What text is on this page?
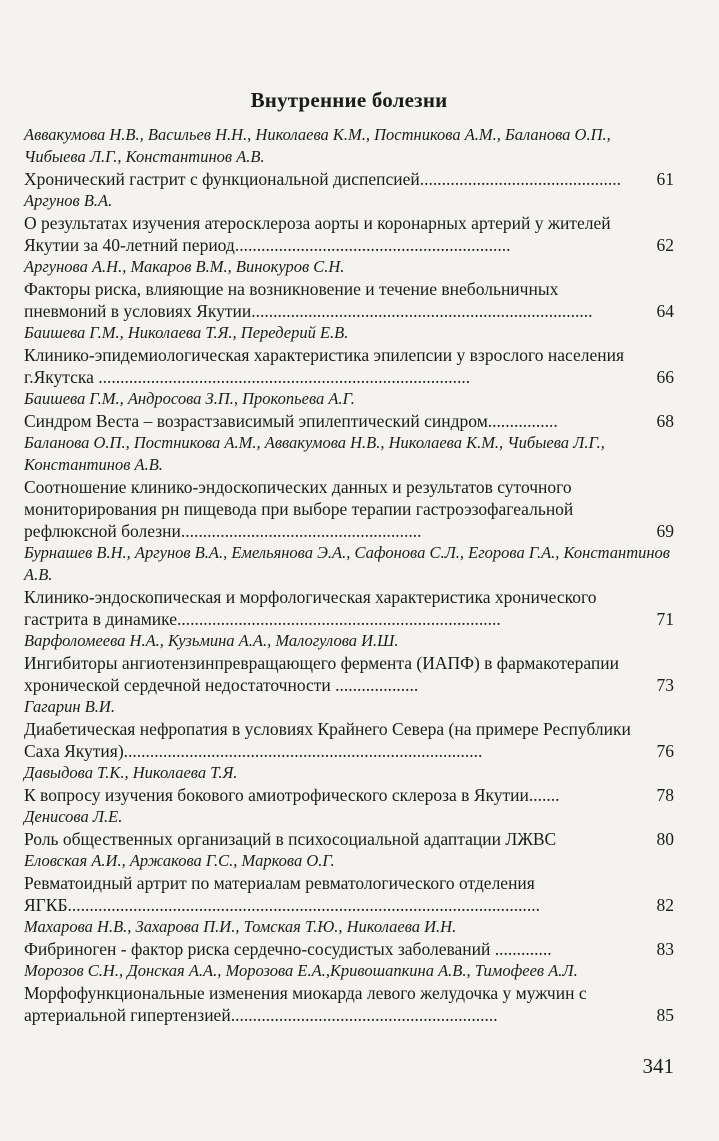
Внутренние болезни
Аввакумова Н.В., Васильев Н.Н., Николаева К.М., Постникова А.М., Баланова О.П., Чибыева Л.Г., Константинов А.В.
Хронический гастрит с функциональной диспепсией..............................................	61
Аргунов В.А.
О результатах изучения атеросклероза аорты и коронарных артерий у жителей Якутии за 40-летний период...............................................................	62
Аргунова А.Н., Макаров В.М., Винокуров С.Н.
Факторы риска, влияющие на возникновение и течение внебольничных пневмоний в условиях Якутии..............................................................................	64
Баишева Г.М., Николаева Т.Я., Передерий Е.В.
Клинико-эпидемиологическая характеристика эпилепсии у взрослого населения г.Якутска .....................................................................................	66
Баишева Г.М., Андросова З.П., Прокопьева А.Г.
Синдром Веста – возрастзависимый эпилептический синдром................	68
Баланова О.П., Постникова А.М., Аввакумова Н.В., Николаева К.М., Чибыева Л.Г., Константинов А.В.
Соотношение клинико-эндоскопических данных и результатов суточного мониторирования рн пищевода при выборе терапии гастроэзофагеальной рефлюксной болезни.......................................................	69
Бурнашев В.Н., Аргунов В.А., Емельянова Э.А., Сафонова С.Л., Егорова Г.А., Константинов А.В.
Клинико-эндоскопическая и морфологическая характеристика хронического гастрита в динамике..........................................................................	71
Варфоломеева Н.А., Кузьмина А.А., Малогулова И.Ш.
Ингибиторы ангиотензинпревращающего фермента (ИАПФ) в фармакотерапии хронической сердечной недостаточности ...................	73
Гагарин В.И.
Диабетическая нефропатия в условиях Крайнего Севера (на примере Республики Саха Якутия)..................................................................................	76
Давыдова Т.К., Николаева Т.Я.
К вопросу изучения бокового амиотрофического склероза в Якутии.......	78
Денисова Л.Е.
Роль общественных организаций в психосоциальной адаптации ЛЖВС	80
Еловская А.И., Аржакова Г.С., Маркова О.Г.
Ревматоидный артрит по материалам ревматологического отделения ЯГКБ............................................................................................................	82
Махарова Н.В., Захарова П.И., Томская Т.Ю., Николаева И.Н.
Фибриноген - фактор риска сердечно-сосудистых заболеваний .............	83
Морозов С.Н., Донская А.А., Морозова Е.А.,Кривошапкина А.В., Тимофеев А.Л.
Морфофункциональные изменения миокарда левого желудочка у мужчин с артериальной гипертензией.............................................................	85
341
